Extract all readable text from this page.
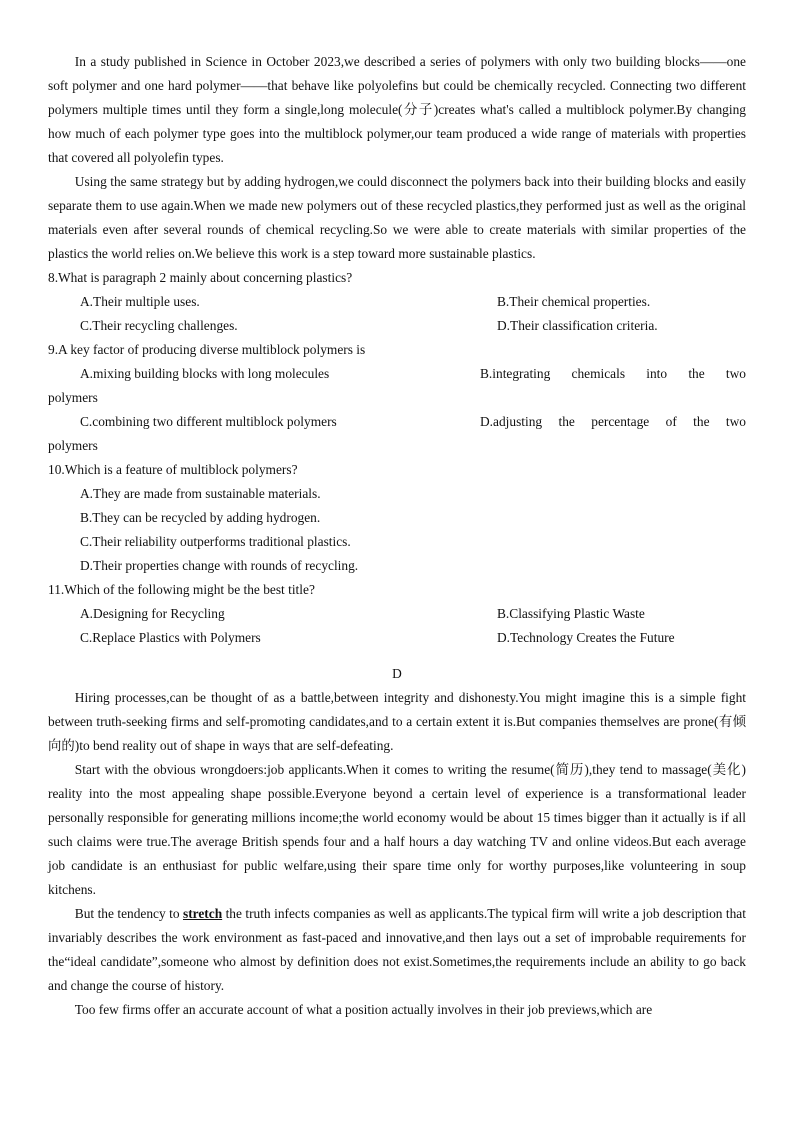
In a study published in Science in October 2023,we described a series of polymers with only two building blocks——one soft polymer and one hard polymer——that behave like polyolefins but could be chemically recycled. Connecting two different polymers multiple times until they form a single,long molecule(分子)creates what's called a multiblock polymer.By changing how much of each polymer type goes into the multiblock polymer,our team produced a wide range of materials with properties that covered all polyolefin types.

Using the same strategy but by adding hydrogen,we could disconnect the polymers back into their building blocks and easily separate them to use again.When we made new polymers out of these recycled plastics,they performed just as well as the original materials even after several rounds of chemical recycling.So we were able to create materials with similar properties of the plastics the world relies on.We believe this work is a step toward more sustainable plastics.

8.What is paragraph 2 mainly about concerning plastics?

A.Their multiple uses.	B.Their chemical properties.
C.Their recycling challenges.	D.Their classification criteria.

9.A key factor of producing diverse multiblock polymers is

A.mixing building blocks with long molecules	B.integrating chemicals into the two

polymers

C.combining two different multiblock polymers	D.adjusting the percentage of the two

polymers

10.Which is a feature of multiblock polymers?

A.They are made from sustainable materials.

B.They can be recycled by adding hydrogen.

C.Their reliability outperforms traditional plastics.

D.Their properties change with rounds of recycling.

11.Which of the following might be the best title?

A.Designing for Recycling	B.Classifying Plastic Waste
C.Replace Plastics with Polymers	D.Technology Creates the Future

D

Hiring processes,can be thought of as a battle,between integrity and dishonesty.You might imagine this is a simple fight between truth-seeking firms and self-promoting candidates,and to a certain extent it is.But companies themselves are prone(有倾向的)to bend reality out of shape in ways that are self-defeating.

Start with the obvious wrongdoers:job applicants.When it comes to writing the resume(简历),they tend to massage(美化) reality into the most appealing shape possible.Everyone beyond a certain level of experience is a transformational leader personally responsible for generating millions income;the world economy would be about 15 times bigger than it actually is if all such claims were true.The average British spends four and a half hours a day watching TV and online videos.But each average job candidate is an enthusiast for public welfare,using their spare time only for worthy purposes,like volunteering in soup kitchens.

But the tendency to stretch the truth infects companies as well as applicants.The typical firm will write a job description that invariably describes the work environment as fast-paced and innovative,and then lays out a set of improbable requirements for the“ideal candidate”,someone who almost by definition does not exist.Sometimes,the requirements include an ability to go back and change the course of history.

Too few firms offer an accurate account of what a position actually involves in their job previews,which are
